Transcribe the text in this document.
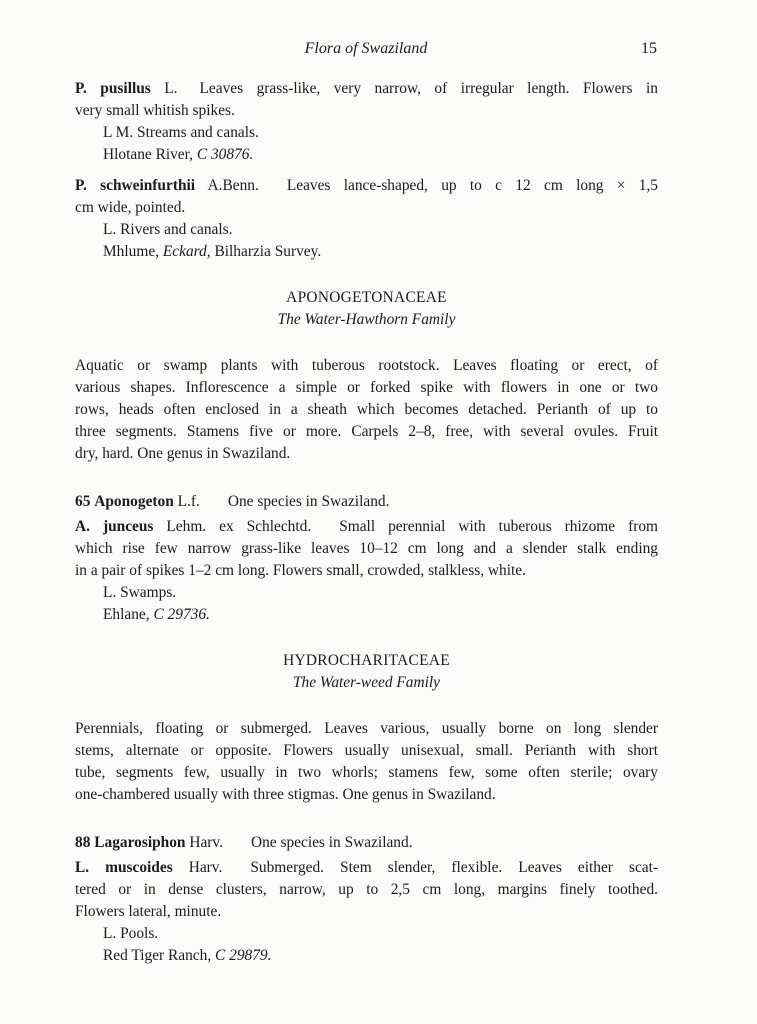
Flora of Swaziland	15
P. pusillus L. Leaves grass-like, very narrow, of irregular length. Flowers in
very small whitish spikes.
L M. Streams and canals.
Hlotane River, C 30876.
P. schweinfurthii A.Benn. Leaves lance-shaped, up to c 12 cm long × 1,5
cm wide, pointed.
L. Rivers and canals.
Mhlume, Eckard, Bilharzia Survey.
APONOGETONACEAE
The Water-Hawthorn Family
Aquatic or swamp plants with tuberous rootstock. Leaves floating or erect, of
various shapes. Inflorescence a simple or forked spike with flowers in one or two
rows, heads often enclosed in a sheath which becomes detached. Perianth of up to
three segments. Stamens five or more. Carpels 2–8, free, with several ovules. Fruit
dry, hard. One genus in Swaziland.
65 Aponogeton L.f. One species in Swaziland.
A. junceus Lehm. ex Schlechtd. Small perennial with tuberous rhizome from
which rise few narrow grass-like leaves 10–12 cm long and a slender stalk ending
in a pair of spikes 1–2 cm long. Flowers small, crowded, stalkless, white.
L. Swamps.
Ehlane, C 29736.
HYDROCHARITACEAE
The Water-weed Family
Perennials, floating or submerged. Leaves various, usually borne on long slender
stems, alternate or opposite. Flowers usually unisexual, small. Perianth with short
tube, segments few, usually in two whorls; stamens few, some often sterile; ovary
one-chambered usually with three stigmas. One genus in Swaziland.
88 Lagarosiphon Harv. One species in Swaziland.
L. muscoides Harv. Submerged. Stem slender, flexible. Leaves either scat-
tered or in dense clusters, narrow, up to 2,5 cm long, margins finely toothed.
Flowers lateral, minute.
L. Pools.
Red Tiger Ranch, C 29879.
